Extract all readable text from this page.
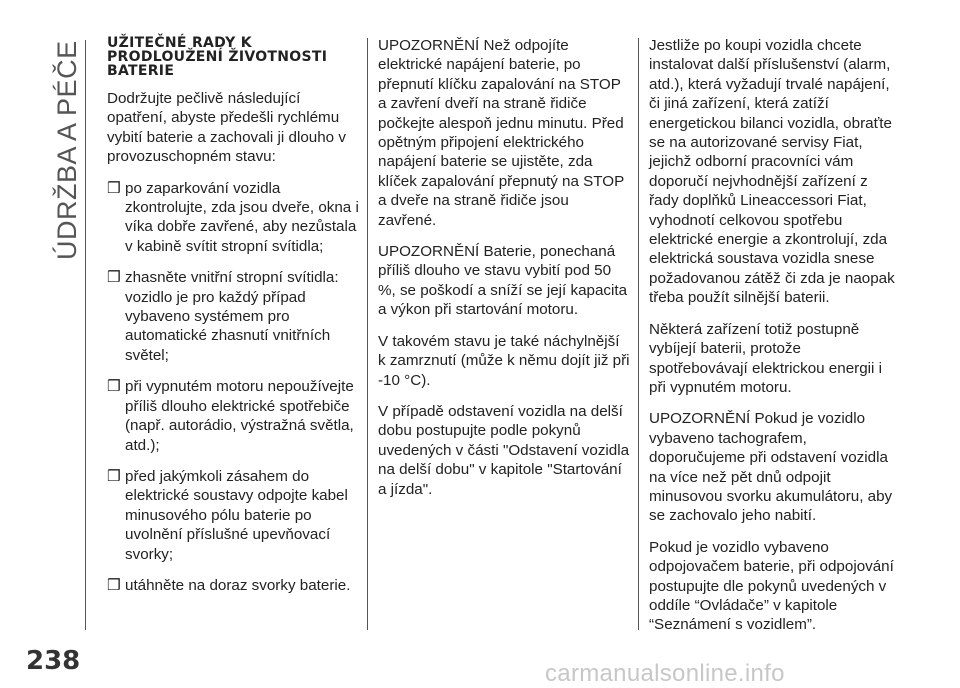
ÚDRŽBA A PÉČE
238
UŽITEČNÉ RADY K PRODLOUŽENÍ ŽIVOTNOSTI BATERIE

Dodržujte pečlivě následující opatření, abyste předešli rychlému vybití baterie a zachovali ji dlouho v provozuschopném stavu:

❒ po zaparkování vozidla zkontrolujte, zda jsou dveře, okna i víka dobře zavřené, aby nezůstala v kabině svítit stropní svítidla;
❒ zhasněte vnitřní stropní svítidla: vozidlo je pro každý případ vybaveno systémem pro automatické zhasnutí vnitřních světel;
❒ při vypnutém motoru nepoužívejte příliš dlouho elektrické spotřebiče (např. autorádio, výstražná světla, atd.);
❒ před jakýmkoli zásahem do elektrické soustavy odpojte kabel minusového pólu baterie po uvolnění příslušné upevňovací svorky;
❒ utáhněte na doraz svorky baterie.

UPOZORNĚNÍ Než odpojíte elektrické napájení baterie, po přepnutí klíčku zapalování na STOP a zavření dveří na straně řidiče počkejte alespoň jednu minutu. Před opětným připojení elektrického napájení baterie se ujistěte, zda klíček zapalování přepnutý na STOP a dveře na straně řidiče jsou zavřené.

UPOZORNĚNÍ Baterie, ponechaná příliš dlouho ve stavu vybití pod 50 %, se poškodí a sníží se její kapacita a výkon při startování motoru.

V takovém stavu je také náchylnější k zamrznutí (může k němu dojít již při -10 °C).

V případě odstavení vozidla na delší dobu postupujte podle pokynů uvedených v části "Odstavení vozidla na delší dobu" v kapitole "Startování a jízda".

Jestliže po koupi vozidla chcete instalovat další příslušenství (alarm, atd.), která vyžadují trvalé napájení, či jiná zařízení, která zatíží energetickou bilanci vozidla, obraťte se na autorizované servisy Fiat, jejichž odborní pracovníci vám doporučí nejvhodnější zařízení z řady doplňků Lineaccessori Fiat, vyhodnotí celkovou spotřebu elektrické energie a zkontrolují, zda elektrická soustava vozidla snese požadovanou zátěž či zda je naopak třeba použít silnější baterii.

Některá zařízení totiž postupně vybíjejí baterii, protože spotřebovávají elektrickou energii i při vypnutém motoru.

UPOZORNĚNÍ Pokud je vozidlo vybaveno tachografem, doporučujeme při odstavení vozidla na více než pět dnů odpojit minusovou svorku akumulátoru, aby se zachovalo jeho nabití.

Pokud je vozidlo vybaveno odpojovačem baterie, při odpojování postupujte dle pokynů uvedených v oddíle “Ovládače” v kapitole “Seznámení s vozidlem”.

carmanualsonline.info
